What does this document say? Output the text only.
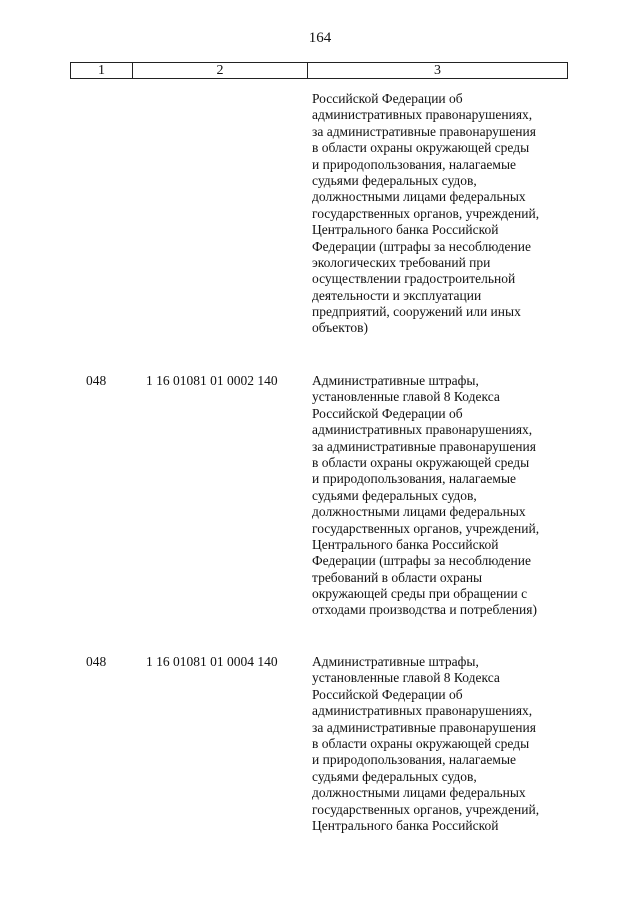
164
1	2	3
Российской Федерации об
административных правонарушениях,
за административные правонарушения
в области охраны окружающей среды
и природопользования, налагаемые
судьями федеральных судов,
должностными лицами федеральных
государственных органов, учреждений,
Центрального банка Российской
Федерации (штрафы за несоблюдение
экологических требований при
осуществлении градостроительной
деятельности и эксплуатации
предприятий, сооружений или иных
объектов)
048	1 16 01081 01 0002 140	Административные штрафы,
установленные главой 8 Кодекса
Российской Федерации об
административных правонарушениях,
за административные правонарушения
в области охраны окружающей среды
и природопользования, налагаемые
судьями федеральных судов,
должностными лицами федеральных
государственных органов, учреждений,
Центрального банка Российской
Федерации (штрафы за несоблюдение
требований в области охраны
окружающей среды при обращении с
отходами производства и потребления)
048	1 16 01081 01 0004 140	Административные штрафы,
установленные главой 8 Кодекса
Российской Федерации об
административных правонарушениях,
за административные правонарушения
в области охраны окружающей среды
и природопользования, налагаемые
судьями федеральных судов,
должностными лицами федеральных
государственных органов, учреждений,
Центрального банка Российской
